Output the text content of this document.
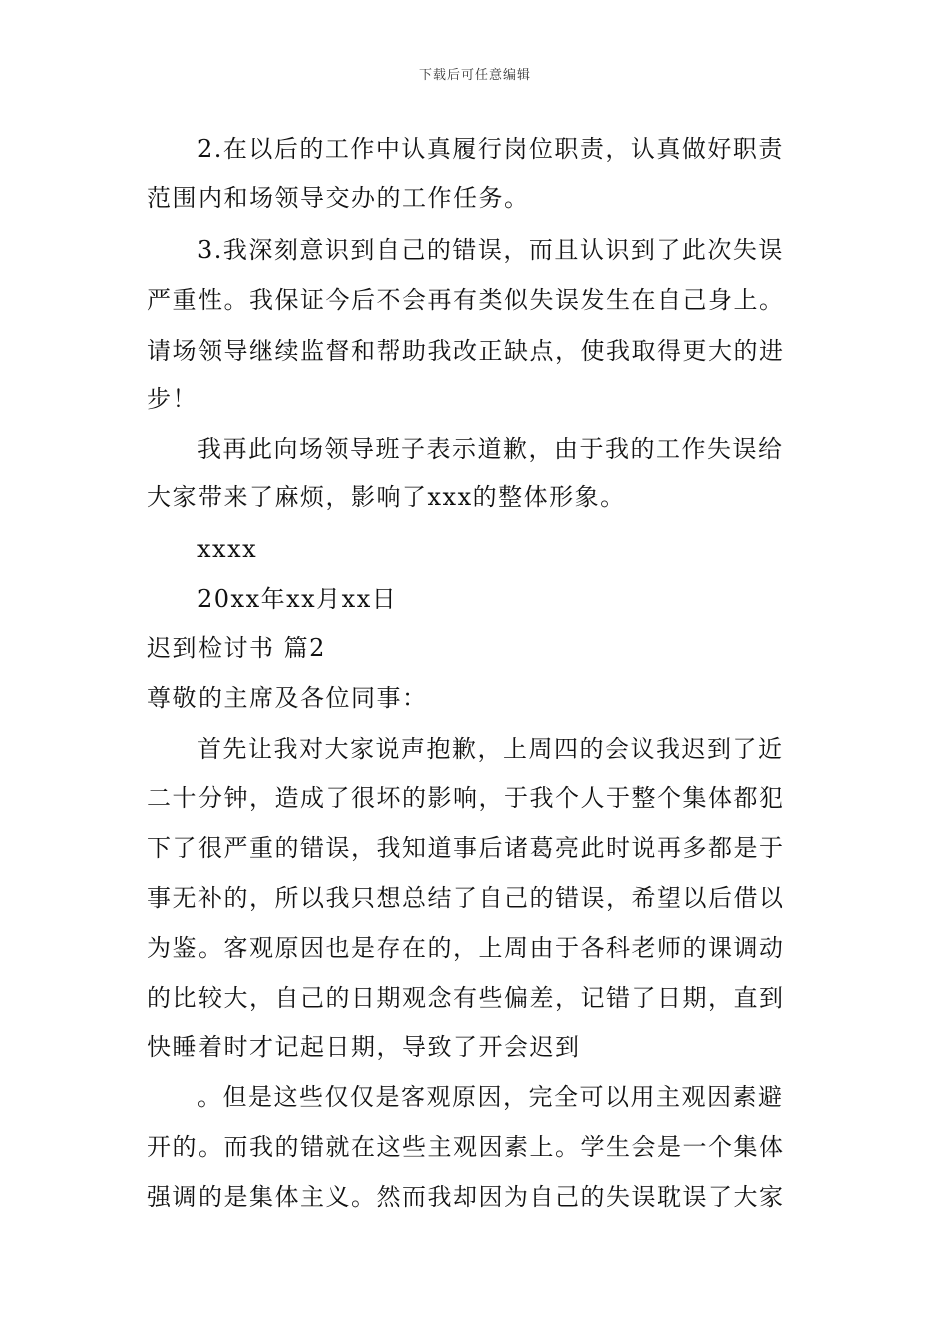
下载后可任意编辑
2.在以后的工作中认真履行岗位职责，认真做好职责
范围内和场领导交办的工作任务。
3.我深刻意识到自己的错误，而且认识到了此次失误
严重性。我保证今后不会再有类似失误发生在自己身上。
请场领导继续监督和帮助我改正缺点，使我取得更大的进
步！
我再此向场领导班子表示道歉，由于我的工作失误给
大家带来了麻烦，影响了xxx的整体形象。
xxxx
20xx年xx月xx日
迟到检讨书 篇2
尊敬的主席及各位同事：
首先让我对大家说声抱歉，上周四的会议我迟到了近
二十分钟，造成了很坏的影响，于我个人于整个集体都犯
下了很严重的错误，我知道事后诸葛亮此时说再多都是于
事无补的，所以我只想总结了自己的错误，希望以后借以
为鉴。客观原因也是存在的，上周由于各科老师的课调动
的比较大，自己的日期观念有些偏差，记错了日期，直到
快睡着时才记起日期，导致了开会迟到
。但是这些仅仅是客观原因，完全可以用主观因素避
开的。而我的错就在这些主观因素上。学生会是一个集体
强调的是集体主义。然而我却因为自己的失误耽误了大家
